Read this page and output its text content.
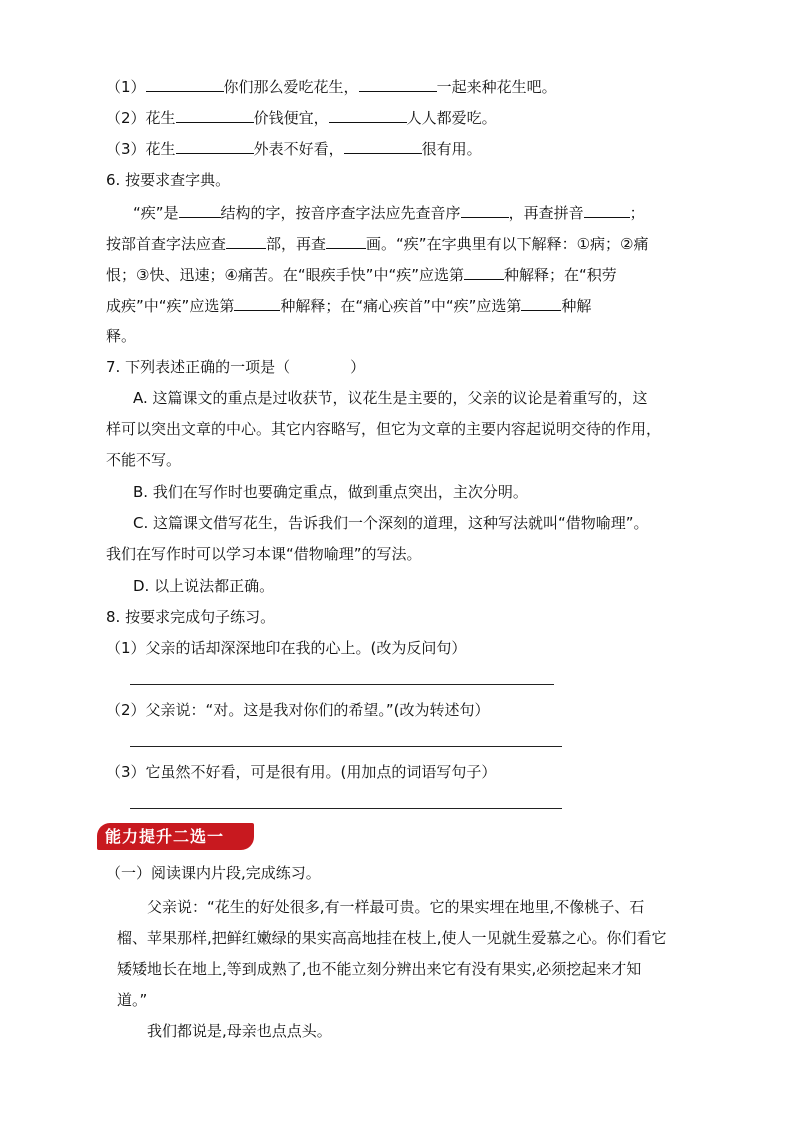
（1）	你们那么爱吃花生，	一起来种花生吧。
（2）花生	价钱便宜，	人人都爱吃。
（3）花生	外表不好看，	很有用。
6. 按要求查字典。
“疾”是	结构的字，按音序查字法应先查音序	，再查拼音	；
按部首查字法应查	部，再查	画。“疾”在字典里有以下解释：①病；②痛
恨；③快、迅速；④痛苦。在“眼疾手快”中“疾”应选第	种解释；在“积劳
成疾”中“疾”应选第	种解释；在“痛心疾首”中“疾”应选第	种解
释。
7. 下列表述正确的一项是（	）
A. 这篇课文的重点是过收获节，议花生是主要的，父亲的议论是着重写的，这
样可以突出文章的中心。其它内容略写，但它为文章的主要内容起说明交待的作用，
不能不写。
B. 我们在写作时也要确定重点，做到重点突出，主次分明。
C. 这篇课文借写花生，告诉我们一个深刻的道理，这种写法就叫“借物喻理”。
我们在写作时可以学习本课“借物喻理”的写法。
D. 以上说法都正确。
8. 按要求完成句子练习。
（1）父亲的话却深深地印在我的心上。(改为反问句）
（2）父亲说：“对。这是我对你们的希望。”(改为转述句）
（3）它虽然不好看，可是很有用。(用加点的词语写句子）
能力提升二选一
（一）阅读课内片段,完成练习。
父亲说：“花生的好处很多,有一样最可贵。它的果实埋在地里,不像桃子、石
榴、苹果那样,把鲜红嫩绿的果实高高地挂在枝上,使人一见就生爱慕之心。你们看它
矮矮地长在地上,等到成熟了,也不能立刻分辨出来它有没有果实,必须挖起来才知
道。”
我们都说是,母亲也点点头。
